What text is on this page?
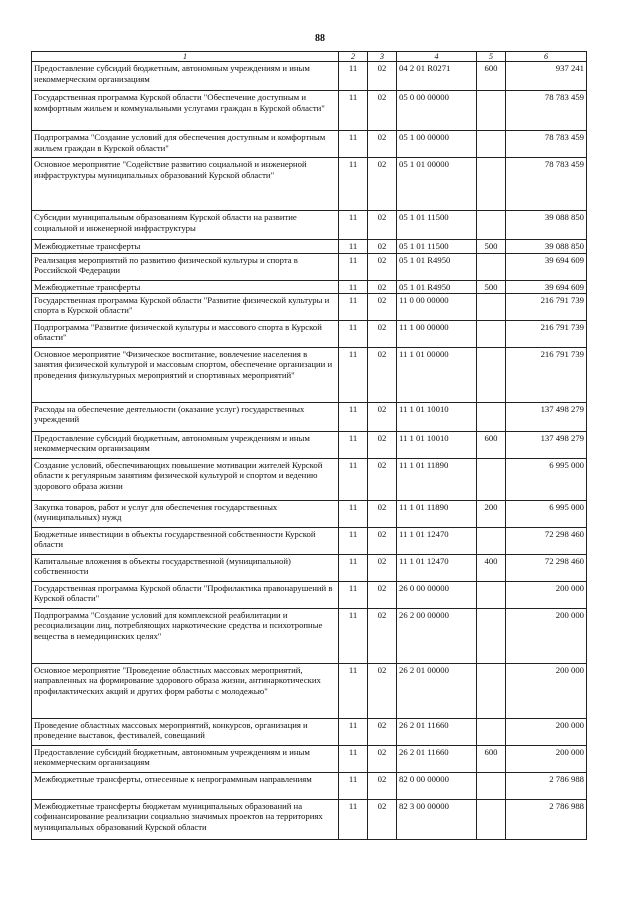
88
1	2	3	4	5	6
Предоставление субсидий бюджетным, автономным учреждениям и иным некоммерческим организациям	11	02	04 2 01 R0271	600	937 241
Государственная программа Курской области "Обеспечение доступным и комфортным жильем и коммунальными услугами граждан в Курской области"	11	02	05 0 00 00000		78 783 459
Подпрограмма "Создание условий для обеспечения доступным и комфортным жильем граждан в Курской области"	11	02	05 1 00 00000		78 783 459
Основное мероприятие "Содействие развитию социальной и инженерной инфраструктуры муниципальных образований Курской области"	11	02	05 1 01 00000		78 783 459
Субсидии муниципальным образованиям Курской области на развитие социальной и инженерной инфраструктуры	11	02	05 1 01 11500		39 088 850
Межбюджетные трансферты	11	02	05 1 01 11500	500	39 088 850
Реализация мероприятий по развитию физической культуры и спорта в Российской Федерации	11	02	05 1 01 R4950		39 694 609
Межбюджетные трансферты	11	02	05 1 01 R4950	500	39 694 609
Государственная программа Курской области "Развитие физической культуры и спорта в Курской области"	11	02	11 0 00 00000		216 791 739
Подпрограмма "Развитие физической культуры и массового спорта в Курской области"	11	02	11 1 00 00000		216 791 739
Основное мероприятие "Физическое воспитание, вовлечение населения в занятия физической культурой и массовым спортом, обеспечение организации и проведения физкультурных мероприятий и спортивных мероприятий"	11	02	11 1 01 00000		216 791 739
Расходы на обеспечение деятельности (оказание услуг) государственных учреждений	11	02	11 1 01 10010		137 498 279
Предоставление субсидий бюджетным, автономным учреждениям и иным некоммерческим организациям	11	02	11 1 01 10010	600	137 498 279
Создание условий, обеспечивающих повышение мотивации жителей Курской области к регулярным занятиям физической культурой и спортом и ведению здорового образа жизни	11	02	11 1 01 11890		6 995 000
Закупка товаров, работ и услуг для обеспечения государственных (муниципальных) нужд	11	02	11 1 01 11890	200	6 995 000
Бюджетные инвестиции в объекты государственной собственности Курской области	11	02	11 1 01 12470		72 298 460
Капитальные вложения в объекты государственной (муниципальной) собственности	11	02	11 1 01 12470	400	72 298 460
Государственная программа Курской области "Профилактика правонарушений в Курской области"	11	02	26 0 00 00000		200 000
Подпрограмма "Создание условий для комплексной реабилитации и ресоциализации лиц, потребляющих наркотические средства и психотропные вещества в немедицинских целях"	11	02	26 2 00 00000		200 000
Основное мероприятие "Проведение областных массовых мероприятий, направленных на формирование здорового образа жизни, антинаркотических профилактических акций и других форм работы с молодежью"	11	02	26 2 01 00000		200 000
Проведение областных массовых мероприятий, конкурсов, организация и проведение выставок, фестивалей, совещаний	11	02	26 2 01 11660		200 000
Предоставление субсидий бюджетным, автономным учреждениям и иным некоммерческим организациям	11	02	26 2 01 11660	600	200 000
Межбюджетные трансферты, отнесенные к непрограммным направлениям	11	02	82 0 00 00000		2 786 988
Межбюджетные трансферты бюджетам муниципальных образований на софинансирование реализации социально значимых проектов на территориях муниципальных образований Курской области	11	02	82 3 00 00000		2 786 988
